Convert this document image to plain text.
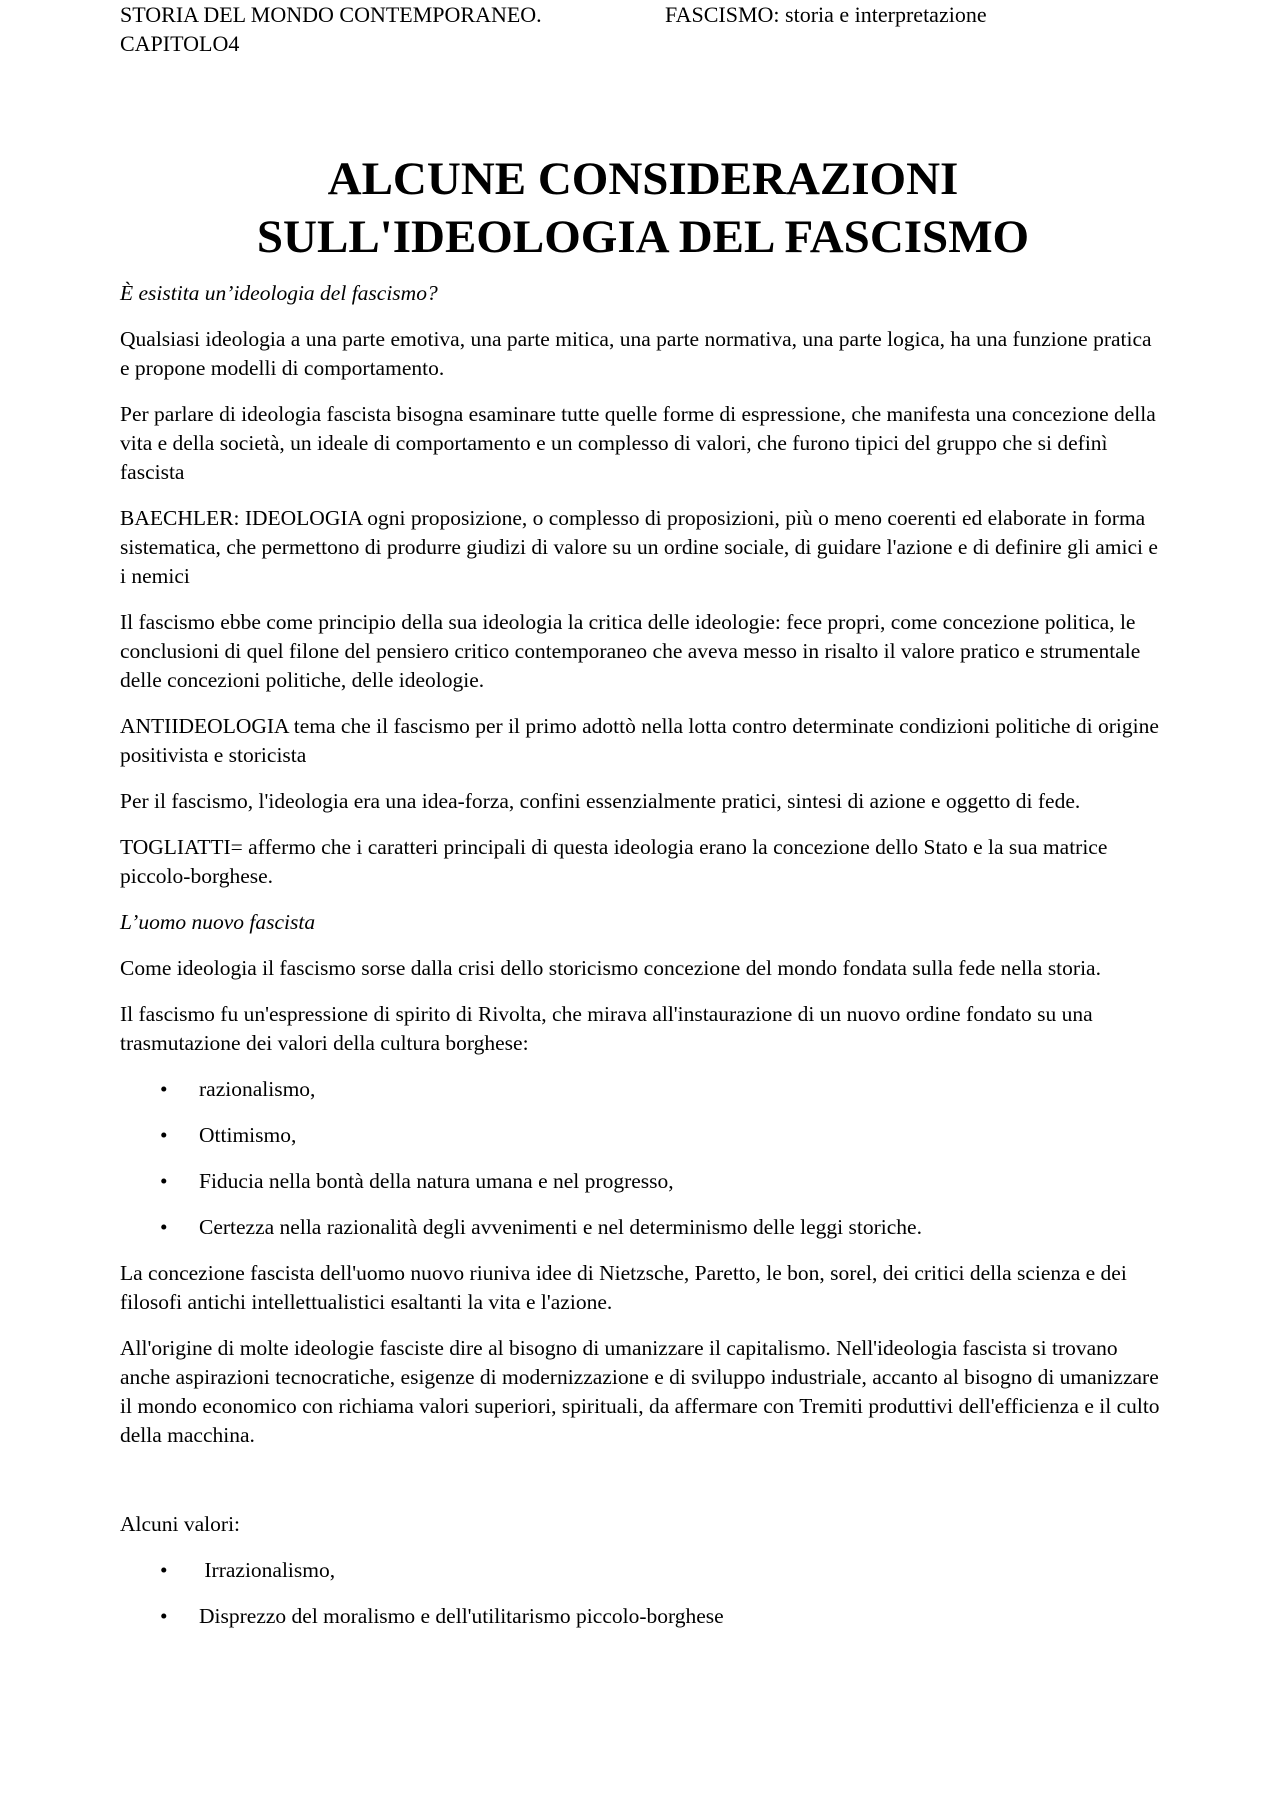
STORIA DEL MONDO CONTEMPORANEO. CAPITOLO4
FASCISMO: storia e interpretazione
ALCUNE CONSIDERAZIONI
SULL'IDEOLOGIA DEL FASCISMO

È esistita un’ideologia del fascismo?

Qualsiasi ideologia a una parte emotiva, una parte mitica, una parte normativa, una parte logica, ha una funzione pratica e propone modelli di comportamento.

Per parlare di ideologia fascista bisogna esaminare tutte quelle forme di espressione, che manifesta una concezione della vita e della società, un ideale di comportamento e un complesso di valori, che furono tipici del gruppo che si definì fascista

BAECHLER: IDEOLOGIA ogni proposizione, o complesso di proposizioni, più o meno coerenti ed elaborate in forma sistematica, che permettono di produrre giudizi di valore su un ordine sociale, di guidare l'azione e di definire gli amici e i nemici

Il fascismo ebbe come principio della sua ideologia la critica delle ideologie: fece propri, come concezione politica, le conclusioni di quel filone del pensiero critico contemporaneo che aveva messo in risalto il valore pratico e strumentale delle concezioni politiche, delle ideologie.

ANTIIDEOLOGIA tema che il fascismo per il primo adottò nella lotta contro determinate condizioni politiche di origine positivista e storicista

Per il fascismo, l'ideologia era una idea-forza, confini essenzialmente pratici, sintesi di azione e oggetto di fede.

TOGLIATTI= affermo che i caratteri principali di questa ideologia erano la concezione dello Stato e la sua matrice piccolo-borghese.

L’uomo nuovo fascista

Come ideologia il fascismo sorse dalla crisi dello storicismo concezione del mondo fondata sulla fede nella storia.

Il fascismo fu un'espressione di spirito di Rivolta, che mirava all'instaurazione di un nuovo ordine fondato su una trasmutazione dei valori della cultura borghese:

• razionalismo,
• Ottimismo,
• Fiducia nella bontà della natura umana e nel progresso,
• Certezza nella razionalità degli avvenimenti e nel determinismo delle leggi storiche.

La concezione fascista dell'uomo nuovo riuniva idee di Nietzsche, Paretto, le bon, sorel, dei critici della scienza e dei filosofi antichi intellettualistici esaltanti la vita e l'azione.

All'origine di molte ideologie fasciste dire al bisogno di umanizzare il capitalismo. Nell'ideologia fascista si trovano anche aspirazioni tecnocratiche, esigenze di modernizzazione e di sviluppo industriale, accanto al bisogno di umanizzare il mondo economico con richiama valori superiori, spirituali, da affermare con Tremiti produttivi dell'efficienza e il culto della macchina.

Alcuni valori:

• Irrazionalismo,
• Disprezzo del moralismo e dell'utilitarismo piccolo-borghese
